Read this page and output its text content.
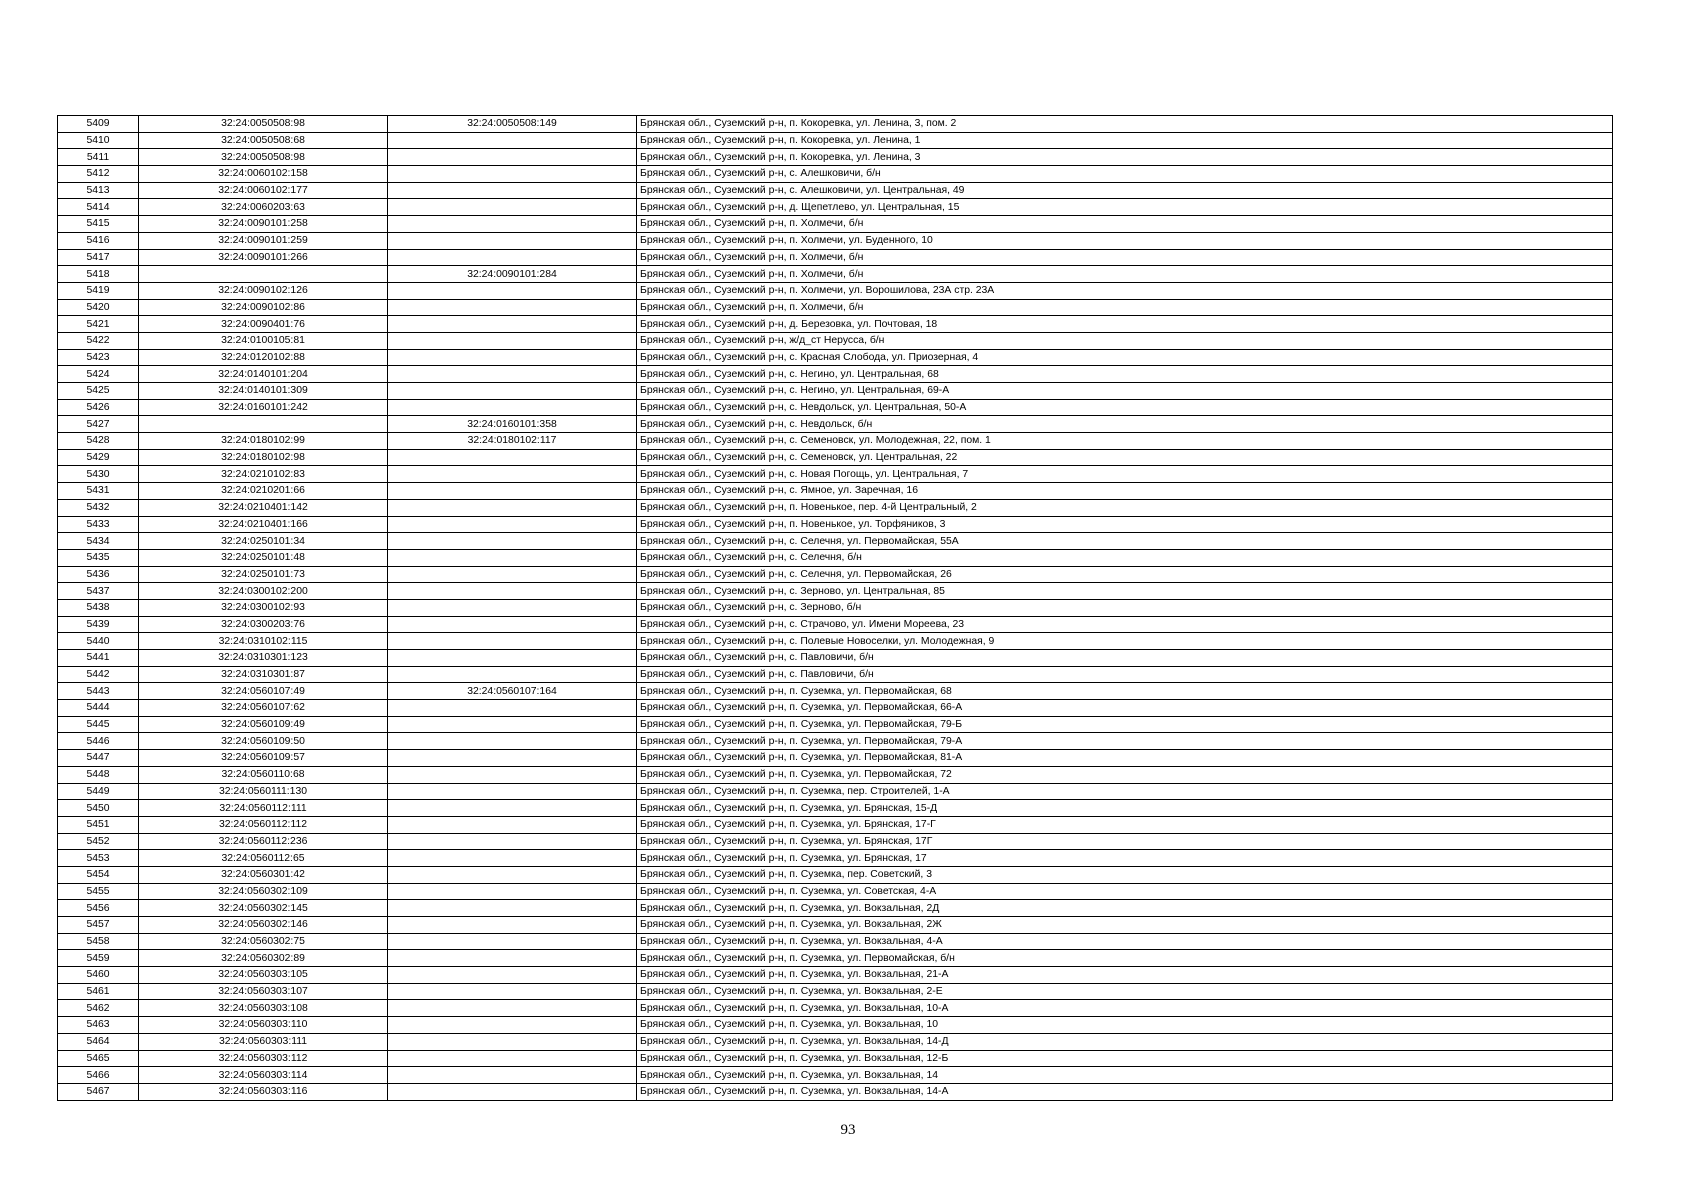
5409	32:24:0050508:98	32:24:0050508:149	Брянская обл., Суземский р-н, п. Кокоревка, ул. Ленина, 3, пом. 2
5410	32:24:0050508:68		Брянская обл., Суземский р-н, п. Кокоревка, ул. Ленина, 1
5411	32:24:0050508:98		Брянская обл., Суземский р-н, п. Кокоревка, ул. Ленина, 3
5412	32:24:0060102:158		Брянская обл., Суземский р-н, с. Алешковичи, б/н
5413	32:24:0060102:177		Брянская обл., Суземский р-н, с. Алешковичи, ул. Центральная, 49
5414	32:24:0060203:63		Брянская обл., Суземский р-н, д. Щепетлево, ул. Центральная, 15
5415	32:24:0090101:258		Брянская обл., Суземский р-н, п. Холмечи, б/н
5416	32:24:0090101:259		Брянская обл., Суземский р-н, п. Холмечи, ул. Буденного, 10
5417	32:24:0090101:266		Брянская обл., Суземский р-н, п. Холмечи, б/н
5418		32:24:0090101:284	Брянская обл., Суземский р-н, п. Холмечи, б/н
5419	32:24:0090102:126		Брянская обл., Суземский р-н, п. Холмечи, ул. Ворошилова, 23А стр. 23А
5420	32:24:0090102:86		Брянская обл., Суземский р-н, п. Холмечи, б/н
5421	32:24:0090401:76		Брянская обл., Суземский р-н, д. Березовка, ул. Почтовая, 18
5422	32:24:0100105:81		Брянская обл., Суземский р-н, ж/д_ст Нерусса, б/н
5423	32:24:0120102:88		Брянская обл., Суземский р-н, с. Красная Слобода, ул. Приозерная, 4
5424	32:24:0140101:204		Брянская обл., Суземский р-н, с. Негино, ул. Центральная, 68
5425	32:24:0140101:309		Брянская обл., Суземский р-н, с. Негино, ул. Центральная, 69-А
5426	32:24:0160101:242		Брянская обл., Суземский р-н, с. Невдольск, ул. Центральная, 50-А
5427		32:24:0160101:358	Брянская обл., Суземский р-н, с. Невдольск, б/н
5428	32:24:0180102:99	32:24:0180102:117	Брянская обл., Суземский р-н, с. Семеновск, ул. Молодежная, 22, пом. 1
5429	32:24:0180102:98		Брянская обл., Суземский р-н, с. Семеновск, ул. Центральная, 22
5430	32:24:0210102:83		Брянская обл., Суземский р-н, с. Новая Погощь, ул. Центральная, 7
5431	32:24:0210201:66		Брянская обл., Суземский р-н, с. Ямное, ул. Заречная, 16
5432	32:24:0210401:142		Брянская обл., Суземский р-н, п. Новенькое, пер. 4-й Центральный, 2
5433	32:24:0210401:166		Брянская обл., Суземский р-н, п. Новенькое, ул. Торфяников, 3
5434	32:24:0250101:34		Брянская обл., Суземский р-н, с. Селечня, ул. Первомайская, 55А
5435	32:24:0250101:48		Брянская обл., Суземский р-н, с. Селечня, б/н
5436	32:24:0250101:73		Брянская обл., Суземский р-н, с. Селечня, ул. Первомайская, 26
5437	32:24:0300102:200		Брянская обл., Суземский р-н, с. Зерново, ул. Центральная, 85
5438	32:24:0300102:93		Брянская обл., Суземский р-н, с. Зерново, б/н
5439	32:24:0300203:76		Брянская обл., Суземский р-н, с. Страчово, ул. Имени Мореева, 23
5440	32:24:0310102:115		Брянская обл., Суземский р-н, с. Полевые Новоселки, ул. Молодежная, 9
5441	32:24:0310301:123		Брянская обл., Суземский р-н, с. Павловичи, б/н
5442	32:24:0310301:87		Брянская обл., Суземский р-н, с. Павловичи, б/н
5443	32:24:0560107:49	32:24:0560107:164	Брянская обл., Суземский р-н, п. Суземка, ул. Первомайская, 68
5444	32:24:0560107:62		Брянская обл., Суземский р-н, п. Суземка, ул. Первомайская, 66-А
5445	32:24:0560109:49		Брянская обл., Суземский р-н, п. Суземка, ул. Первомайская, 79-Б
5446	32:24:0560109:50		Брянская обл., Суземский р-н, п. Суземка, ул. Первомайская, 79-А
5447	32:24:0560109:57		Брянская обл., Суземский р-н, п. Суземка, ул. Первомайская, 81-А
5448	32:24:0560110:68		Брянская обл., Суземский р-н, п. Суземка, ул. Первомайская, 72
5449	32:24:0560111:130		Брянская обл., Суземский р-н, п. Суземка, пер. Строителей, 1-А
5450	32:24:0560112:111		Брянская обл., Суземский р-н, п. Суземка, ул. Брянская, 15-Д
5451	32:24:0560112:112		Брянская обл., Суземский р-н, п. Суземка, ул. Брянская, 17-Г
5452	32:24:0560112:236		Брянская обл., Суземский р-н, п. Суземка, ул. Брянская, 17Г
5453	32:24:0560112:65		Брянская обл., Суземский р-н, п. Суземка, ул. Брянская, 17
5454	32:24:0560301:42		Брянская обл., Суземский р-н, п. Суземка, пер. Советский, 3
5455	32:24:0560302:109		Брянская обл., Суземский р-н, п. Суземка, ул. Советская, 4-А
5456	32:24:0560302:145		Брянская обл., Суземский р-н, п. Суземка, ул. Вокзальная, 2Д
5457	32:24:0560302:146		Брянская обл., Суземский р-н, п. Суземка, ул. Вокзальная, 2Ж
5458	32:24:0560302:75		Брянская обл., Суземский р-н, п. Суземка, ул. Вокзальная, 4-А
5459	32:24:0560302:89		Брянская обл., Суземский р-н, п. Суземка, ул. Первомайская, б/н
5460	32:24:0560303:105		Брянская обл., Суземский р-н, п. Суземка, ул. Вокзальная, 21-А
5461	32:24:0560303:107		Брянская обл., Суземский р-н, п. Суземка, ул. Вокзальная, 2-Е
5462	32:24:0560303:108		Брянская обл., Суземский р-н, п. Суземка, ул. Вокзальная, 10-А
5463	32:24:0560303:110		Брянская обл., Суземский р-н, п. Суземка, ул. Вокзальная, 10
5464	32:24:0560303:111		Брянская обл., Суземский р-н, п. Суземка, ул. Вокзальная, 14-Д
5465	32:24:0560303:112		Брянская обл., Суземский р-н, п. Суземка, ул. Вокзальная, 12-Б
5466	32:24:0560303:114		Брянская обл., Суземский р-н, п. Суземка, ул. Вокзальная, 14
5467	32:24:0560303:116		Брянская обл., Суземский р-н, п. Суземка, ул. Вокзальная, 14-А
93
